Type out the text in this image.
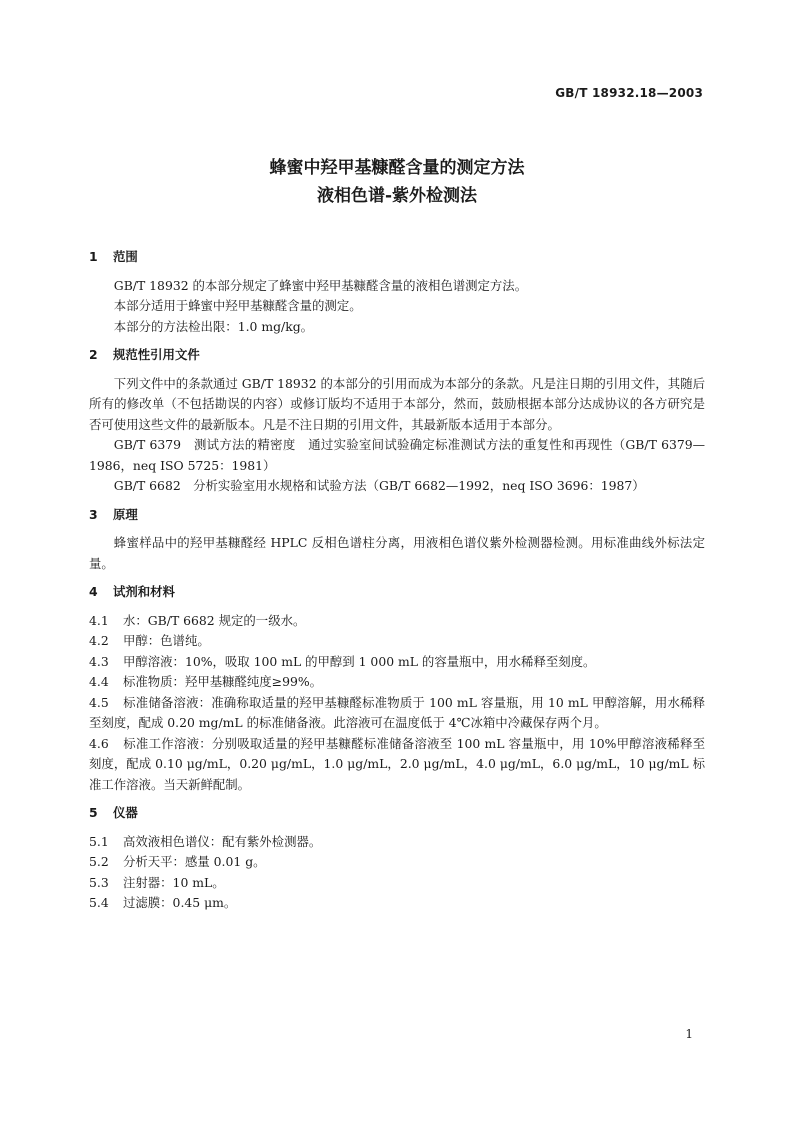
GB/T 18932.18—2003
蜂蜜中羟甲基糠醛含量的测定方法
液相色谱-紫外检测法

1 范围

GB/T 18932 的本部分规定了蜂蜜中羟甲基糠醛含量的液相色谱测定方法。

本部分适用于蜂蜜中羟甲基糠醛含量的测定。

本部分的方法检出限：1.0 mg/kg。

2 规范性引用文件

下列文件中的条款通过 GB/T 18932 的本部分的引用而成为本部分的条款。凡是注日期的引用文件，其随后所有的修改单（不包括勘误的内容）或修订版均不适用于本部分，然而，鼓励根据本部分达成协议的各方研究是否可使用这些文件的最新版本。凡是不注日期的引用文件，其最新版本适用于本部分。

GB/T 6379　测试方法的精密度　通过实验室间试验确定标准测试方法的重复性和再现性（GB/T 6379—1986，neq ISO 5725：1981）

GB/T 6682　分析实验室用水规格和试验方法（GB/T 6682—1992，neq ISO 3696：1987）

3 原理

蜂蜜样品中的羟甲基糠醛经 HPLC 反相色谱柱分离，用液相色谱仪紫外检测器检测。用标准曲线外标法定量。

4 试剂和材料

4.1 水：GB/T 6682 规定的一级水。

4.2 甲醇：色谱纯。

4.3 甲醇溶液：10%，吸取 100 mL 的甲醇到 1 000 mL 的容量瓶中，用水稀释至刻度。

4.4 标准物质：羟甲基糠醛纯度≥99%。

4.5 标准储备溶液：准确称取适量的羟甲基糠醛标准物质于 100 mL 容量瓶，用 10 mL 甲醇溶解，用水稀释至刻度，配成 0.20 mg/mL 的标准储备液。此溶液可在温度低于 4℃冰箱中冷藏保存两个月。

4.6 标准工作溶液：分别吸取适量的羟甲基糠醛标准储备溶液至 100 mL 容量瓶中，用 10%甲醇溶液稀释至刻度，配成 0.10 μg/mL，0.20 μg/mL，1.0 μg/mL，2.0 μg/mL，4.0 μg/mL，6.0 μg/mL，10 μg/mL 标准工作溶液。当天新鲜配制。

5 仪器

5.1 高效液相色谱仪：配有紫外检测器。

5.2 分析天平：感量 0.01 g。

5.3 注射器：10 mL。

5.4 过滤膜：0.45 μm。

1
